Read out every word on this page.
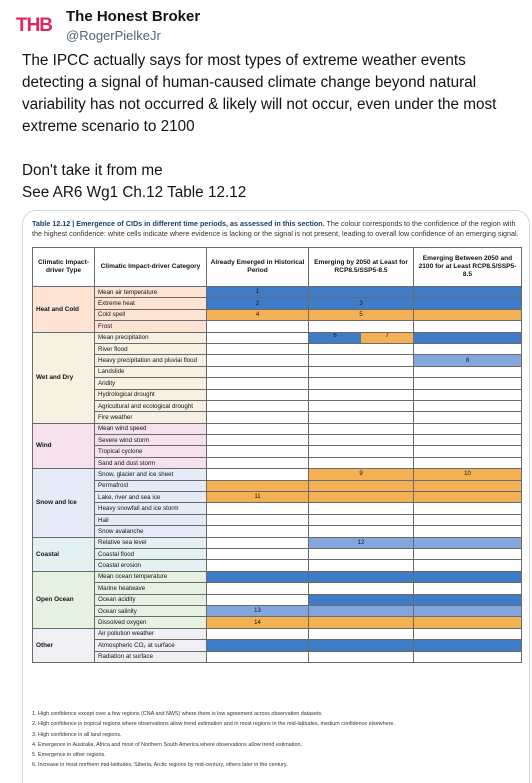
THB The Honest Broker
@RogerPielkeJr
The IPCC actually says for most types of extreme weather events detecting a signal of human-caused climate change beyond natural variability has not occurred & likely will not occur, even under the most extreme scenario to 2100

Don't take it from me
See AR6 Wg1 Ch.12 Table 12.12
Table 12.12 | Emergence of CIDs in different time periods, as assessed in this section. The colour corresponds to the confidence of the region with the highest confidence: white cells indicate where evidence is lacking or the signal is not present, leading to overall low confidence of an emerging signal.
Climatic Impact-driver Type	Climatic Impact-driver Category	Already Emerged in Historical Period	Emerging by 2050 at Least for RCP8.5/SSP5-8.5	Emerging Between 2050 and 2100 for at Least RCP8.5/SSP5-8.5
Heat and Cold	Mean air temperature	1		
	Extreme heat	2	3	
	Cold spell	4	5	
	Frost			
Wet and Dry	Mean precipitation		6 7	

	River flood			
	Heavy precipitation and pluvial flood			8
	Landslide			
	Aridity			
	Hydrological drought			
	Agricultural and ecological drought			
	Fire weather			
Wind	Mean wind speed			
	Severe wind storm			
	Tropical cyclone			
	Sand and dust storm			
Snow and Ice	Snow, glacier and ice sheet		9	10
	Permafrost			
	Lake, river and sea ice	11		
	Heavy snowfall and ice storm			
	Hail			
	Snow avalanche			
Coastal	Relative sea level		12	
	Coastal flood			
	Coastal erosion			
Open Ocean	Mean ocean temperature			
	Marine heatwave			
	Ocean acidity			
	Ocean salinity	13		
	Dissolved oxygen	14		
Other	Air pollution weather			
	Atmospheric CO₂ at surface			
	Radiation at surface			
1. High confidence except over a few regions (CNA and NWS) where there is low agreement across observation datasets.
2. High confidence in tropical regions where observations allow trend estimation and in most regions in the mid-latitudes, medium confidence elsewhere.
3. High confidence in all land regions.
4. Emergence in Australia, Africa and most of Northern South America where observations allow trend estimation.
5. Emergence in other regions.
6. Increase in most northern mid-latitudes, Siberia, Arctic regions by mid-century, others later in the century.
